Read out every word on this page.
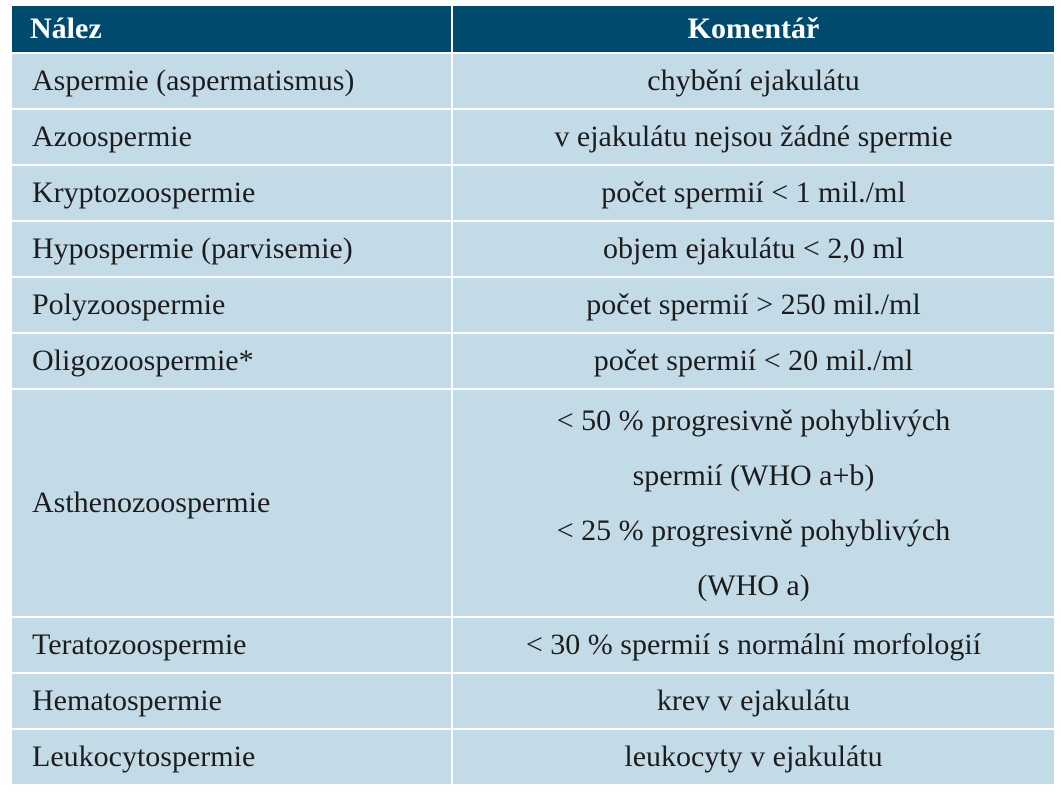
Nález	Komentář
Aspermie (aspermatismus)	chybění ejakulátu

Azoospermie	v ejakulátu nejsou žádné spermie

Kryptozoospermie	počet spermií < 1 mil./ml

Hypospermie (parvisemie)	objem ejakulátu < 2,0 ml

Polyzoospermie	počet spermií > 250 mil./ml

Oligozoospermie*	počet spermií < 20 mil./ml

Asthenozoospermie	< 50 % progresivně pohyblivých
spermií (WHO a+b)
< 25 % progresivně pohyblivých
(WHO a)

Teratozoospermie	< 30 % spermií s normální morfologií

Hematospermie	krev v ejakulátu

Leukocytospermie	leukocyty v ejakulátu
